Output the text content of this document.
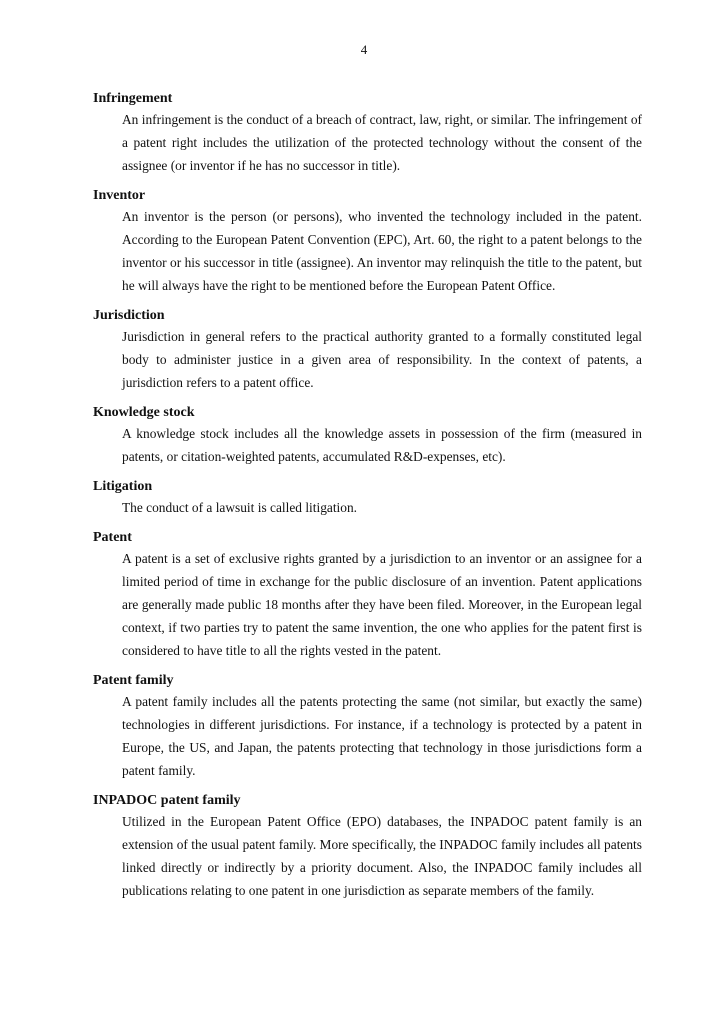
4
Infringement
An infringement is the conduct of a breach of contract, law, right, or similar. The infringement of a patent right includes the utilization of the protected technology without the consent of the assignee (or inventor if he has no successor in title).
Inventor
An inventor is the person (or persons), who invented the technology included in the patent. According to the European Patent Convention (EPC), Art. 60, the right to a patent belongs to the inventor or his successor in title (assignee). An inventor may relinquish the title to the patent, but he will always have the right to be mentioned before the European Patent Office.
Jurisdiction
Jurisdiction in general refers to the practical authority granted to a formally constituted legal body to administer justice in a given area of responsibility. In the context of patents, a jurisdiction refers to a patent office.
Knowledge stock
A knowledge stock includes all the knowledge assets in possession of the firm (measured in patents, or citation-weighted patents, accumulated R&D-expenses, etc).
Litigation
The conduct of a lawsuit is called litigation.
Patent
A patent is a set of exclusive rights granted by a jurisdiction to an inventor or an assignee for a limited period of time in exchange for the public disclosure of an invention. Patent applications are generally made public 18 months after they have been filed. Moreover, in the European legal context, if two parties try to patent the same invention, the one who applies for the patent first is considered to have title to all the rights vested in the patent.
Patent family
A patent family includes all the patents protecting the same (not similar, but exactly the same) technologies in different jurisdictions. For instance, if a technology is protected by a patent in Europe, the US, and Japan, the patents protecting that technology in those jurisdictions form a patent family.
INPADOC patent family
Utilized in the European Patent Office (EPO) databases, the INPADOC patent family is an extension of the usual patent family. More specifically, the INPADOC family includes all patents linked directly or indirectly by a priority document. Also, the INPADOC family includes all publications relating to one patent in one jurisdiction as separate members of the family.
